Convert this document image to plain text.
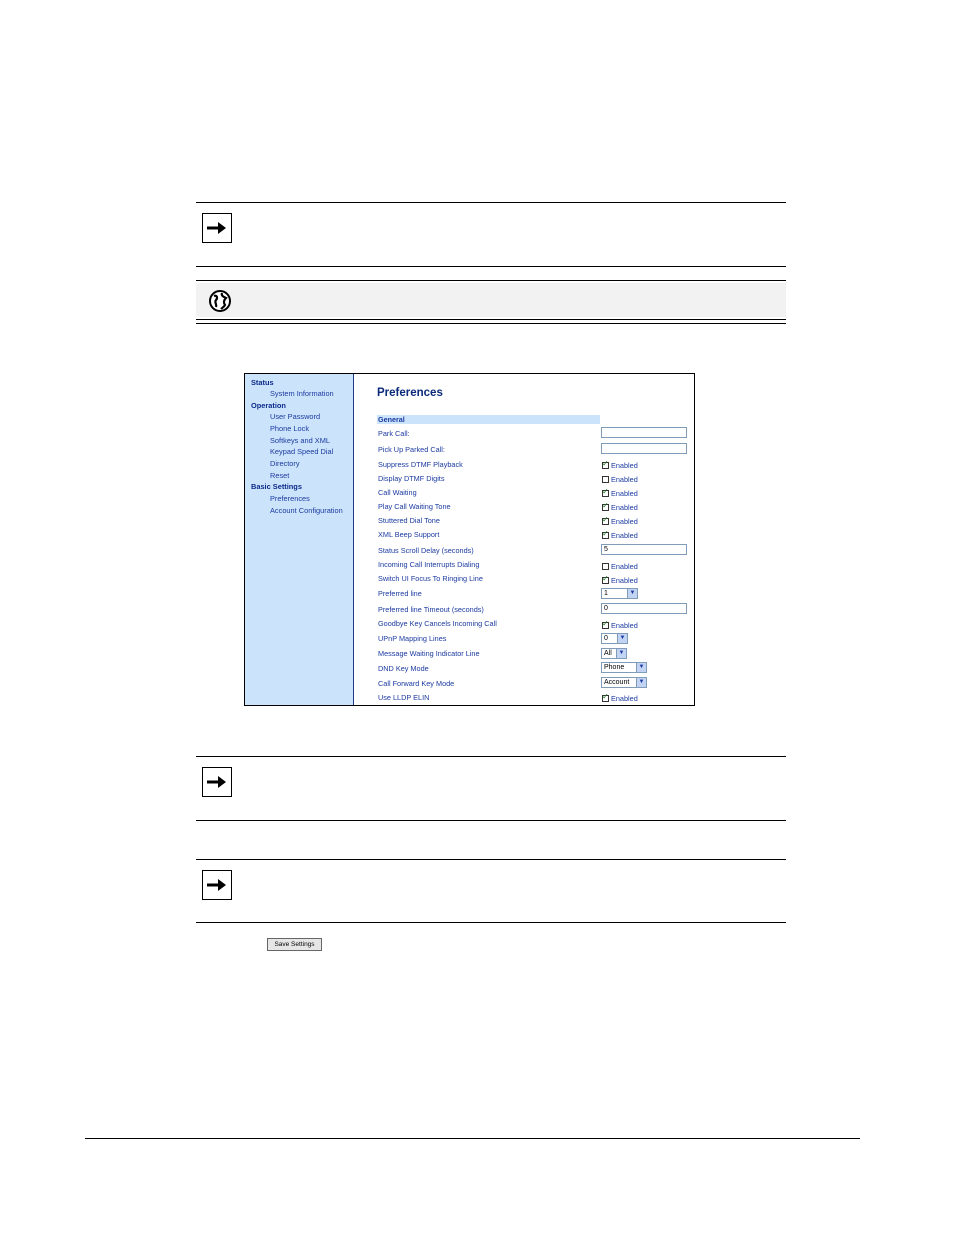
Status
System Information
Operation
User Password
Phone Lock
Softkeys and XML
Keypad Speed Dial
Directory
Reset
Basic Settings
Preferences
Account Configuration
Preferences
General
Park Call:
Pick Up Parked Call:
Suppress DTMF Playback ✓	Enabled
Display DTMF Digits	Enabled
Call Waiting ✓	Enabled
Play Call Waiting Tone ✓	Enabled
Stuttered Dial Tone ✓	Enabled
XML Beep Support ✓	Enabled
Status Scroll Delay (seconds)	5
Incoming Call Interrupts Dialing	Enabled
Switch UI Focus To Ringing Line ✓	Enabled
Preferred line	1	▼
Preferred line Timeout (seconds)	0
Goodbye Key Cancels Incoming Call ✓	Enabled
UPnP Mapping Lines	0	▼
Message Waiting Indicator Line	All	▼
DND Key Mode	Phone	▼
Call Forward Key Mode	Account	▼
Use LLDP ELIN ✓	Enabled
Save Settings
